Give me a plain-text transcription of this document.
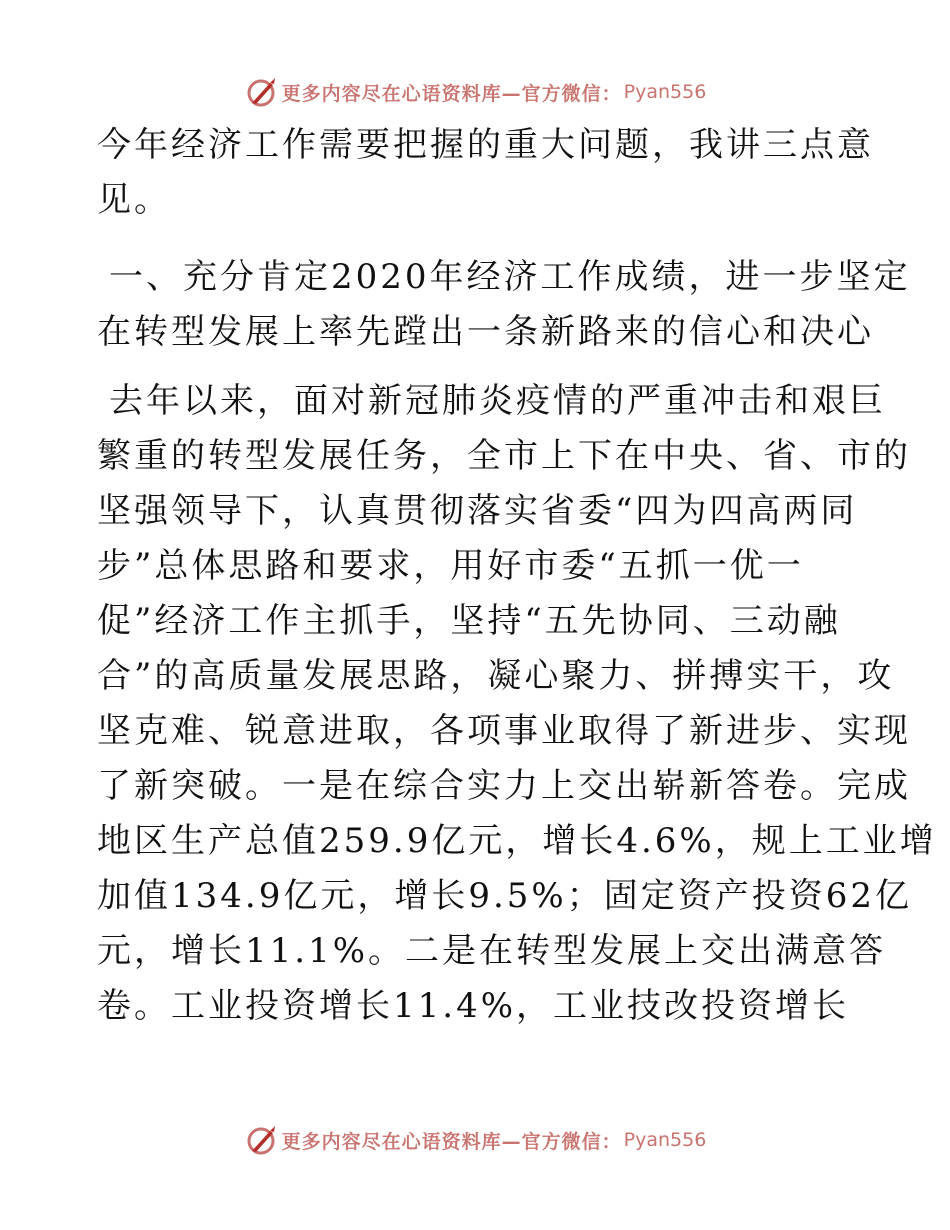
更多内容尽在心语资料库—官方微信： Pyan556
今年经济工作需要把握的重大问题，我讲三点意
见。
一、充分肯定2020年经济工作成绩，进一步坚定
在转型发展上率先蹚出一条新路来的信心和决心
去年以来，面对新冠肺炎疫情的严重冲击和艰巨
繁重的转型发展任务，全市上下在中央、省、市的
坚强领导下，认真贯彻落实省委“四为四高两同
步”总体思路和要求，用好市委“五抓一优一
促”经济工作主抓手，坚持“五先协同、三动融
合”的高质量发展思路，凝心聚力、拼搏实干，攻
坚克难、锐意进取，各项事业取得了新进步、实现
了新突破。一是在综合实力上交出崭新答卷。完成
地区生产总值259.9亿元，增长4.6%，规上工业增
加值134.9亿元，增长9.5%；固定资产投资62亿
元，增长11.1%。二是在转型发展上交出满意答
卷。工业投资增长11.4%，工业技改投资增长
更多内容尽在心语资料库—官方微信： Pyan556
